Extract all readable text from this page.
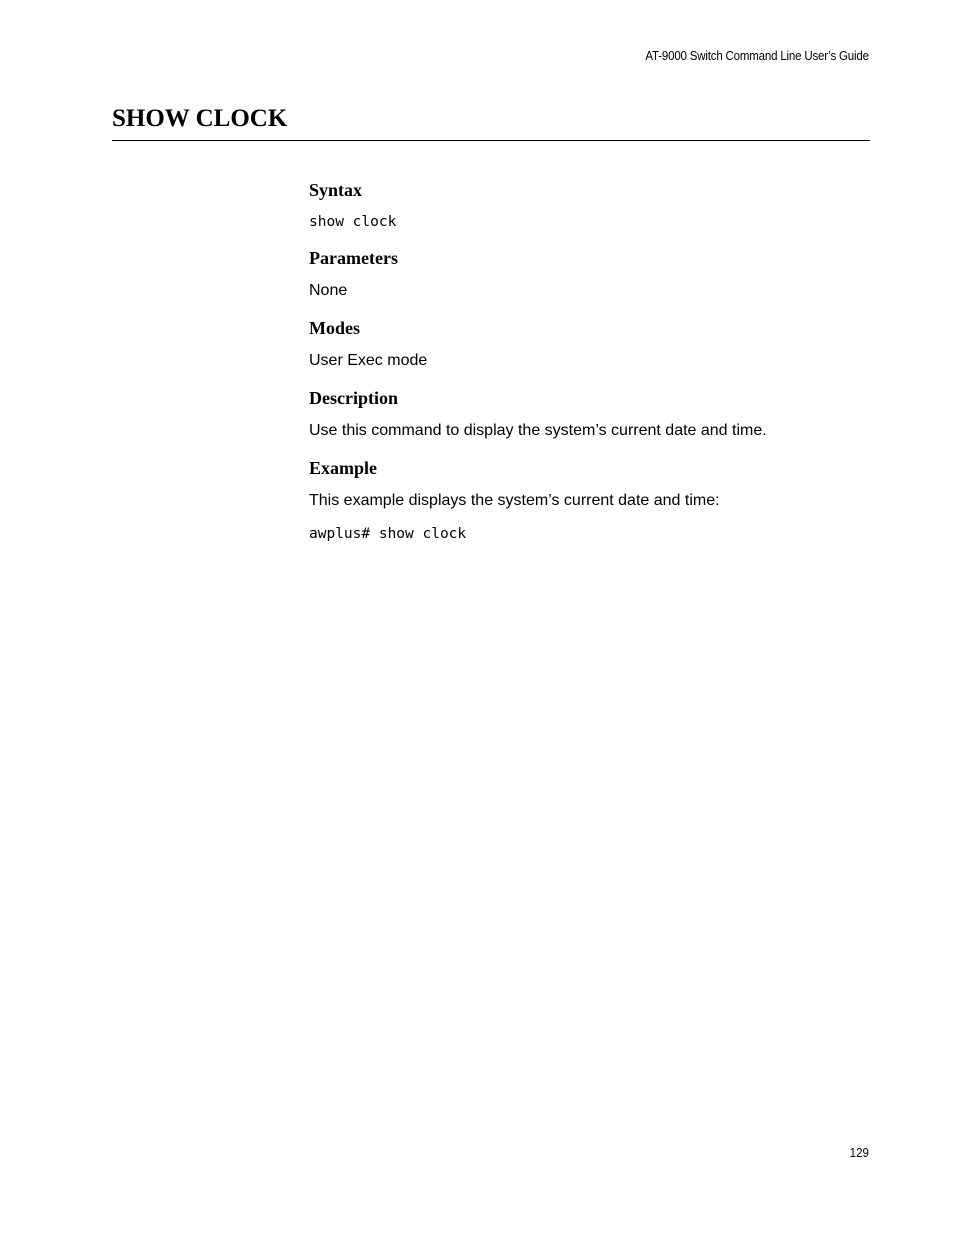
AT-9000 Switch Command Line User’s Guide
SHOW CLOCK
Syntax

show clock

Parameters

None

Modes

User Exec mode

Description

Use this command to display the system’s current date and time.

Example

This example displays the system’s current date and time:

awplus# show clock

129
